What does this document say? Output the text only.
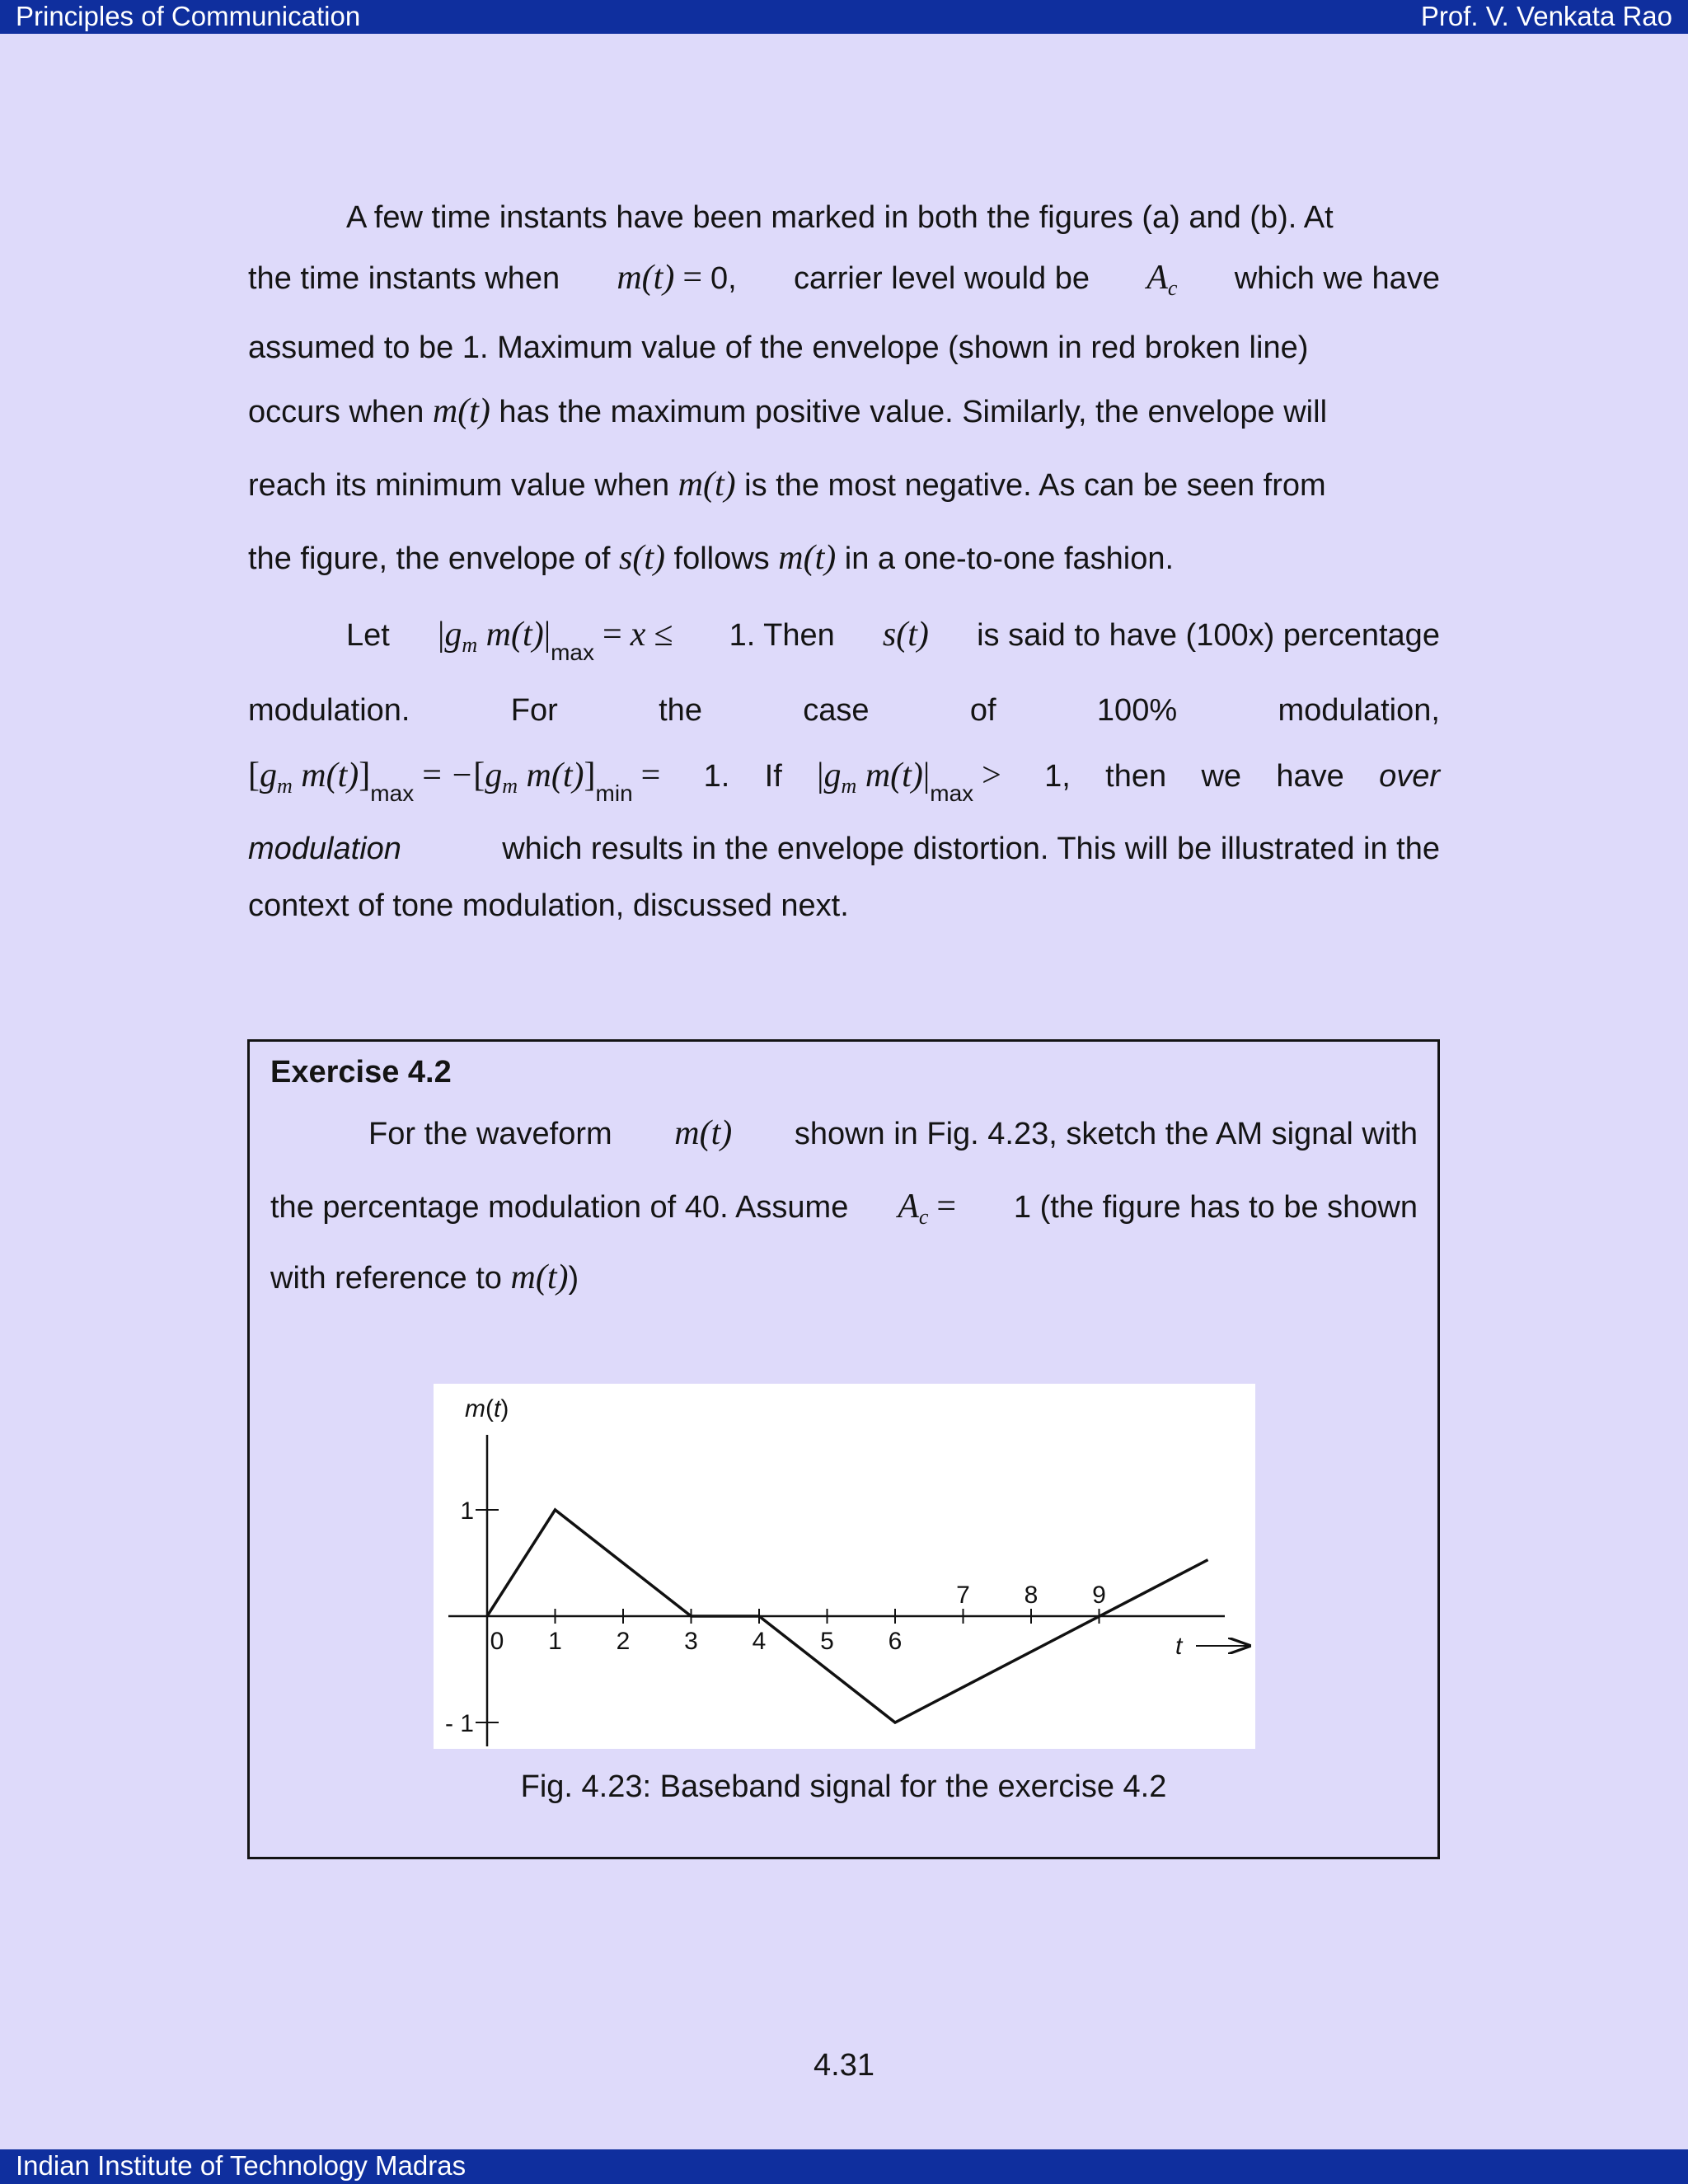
Principles of Communication	Prof. V. Venkata Rao
A few time instants have been marked in both the figures (a) and (b). At
the time instants when m(t) = 0, carrier level would be $A_c$ which we have
assumed to be 1. Maximum value of the envelope (shown in red broken line)
occurs when m(t) has the maximum positive value. Similarly, the envelope will
reach its minimum value when m(t) is the most negative. As can be seen from
the figure, the envelope of s(t) follows m(t) in a one-to-one fashion.
Let $|g_m$ $m(t)|_{max} = x \le 1$. Then s(t) is said to have (100x) percentage
modulation.	For	the	case	of	100%	modulation,
[$g_m$ $m(t)]_{max} = -[g_m$ $m(t)]_{min} = 1$. If $|g_m$ $m(t)|_{max} > 1$, then we have over
modulation	which results in the envelope distortion. This will be illustrated in the
context of tone modulation, discussed next.
Exercise 4.2
For the waveform m(t) shown in Fig. 4.23, sketch the AM signal with
the percentage modulation of 40. Assume $A_c = 1$ (the figure has to be shown
with reference to m(t))
m(t)
t
0 1 2 3 4 5 6
7 8 9
1
- 1
Fig. 4.23: Baseband signal for the exercise 4.2
4.31
Indian Institute of Technology Madras
